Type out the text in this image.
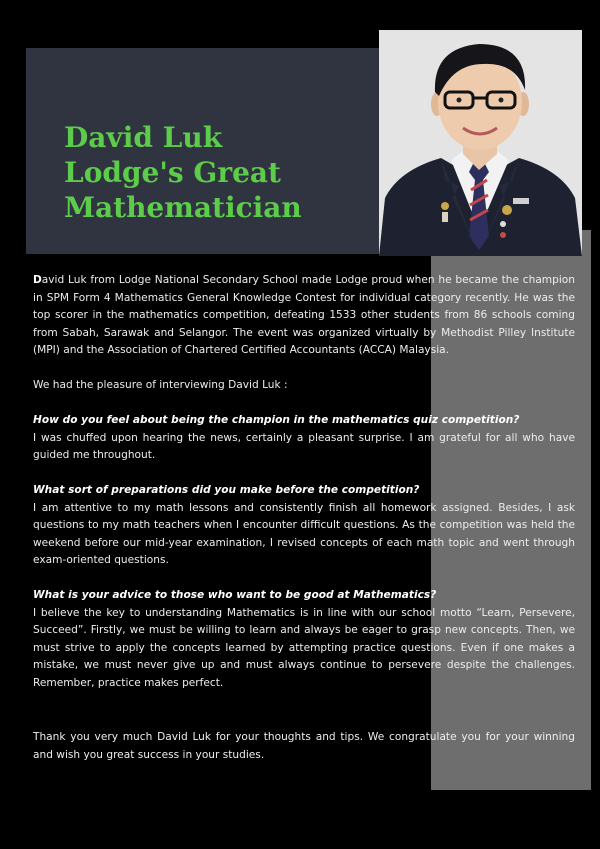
David Luk
Lodge's Great
Mathematician

David Luk from Lodge National Secondary School made Lodge proud when he became the champion in SPM Form 4 Mathematics General Knowledge Contest for individual category recently. He was the top scorer in the mathematics competition, defeating 1533 other students from 86 schools coming from Sabah, Sarawak and Selangor. The event was organized virtually by Methodist Pilley Institute (MPI) and the Association of Chartered Certified Accountants (ACCA) Malaysia.

We had the pleasure of interviewing David Luk :

How do you feel about being the champion in the mathematics quiz competition?

I was chuffed upon hearing the news, certainly a pleasant surprise. I am grateful for all who have guided me throughout.

What sort of preparations did you make before the competition?

I am attentive to my math lessons and consistently finish all homework assigned. Besides, I ask questions to my math teachers when I encounter difficult questions. As the competition was held the weekend before our mid-year examination, I revised concepts of each math topic and went through exam-oriented questions.

What is your advice to those who want to be good at Mathematics?

I believe the key to understanding Mathematics is in line with our school motto “Learn, Persevere, Succeed”. Firstly, we must be willing to learn and always be eager to grasp new concepts. Then, we must strive to apply the concepts learned by attempting practice questions. Even if one makes a mistake, we must never give up and must always continue to persevere despite the challenges. Remember, practice makes perfect.

Thank you very much David Luk for your thoughts and tips. We congratulate you for your winning and wish you great success in your studies.
